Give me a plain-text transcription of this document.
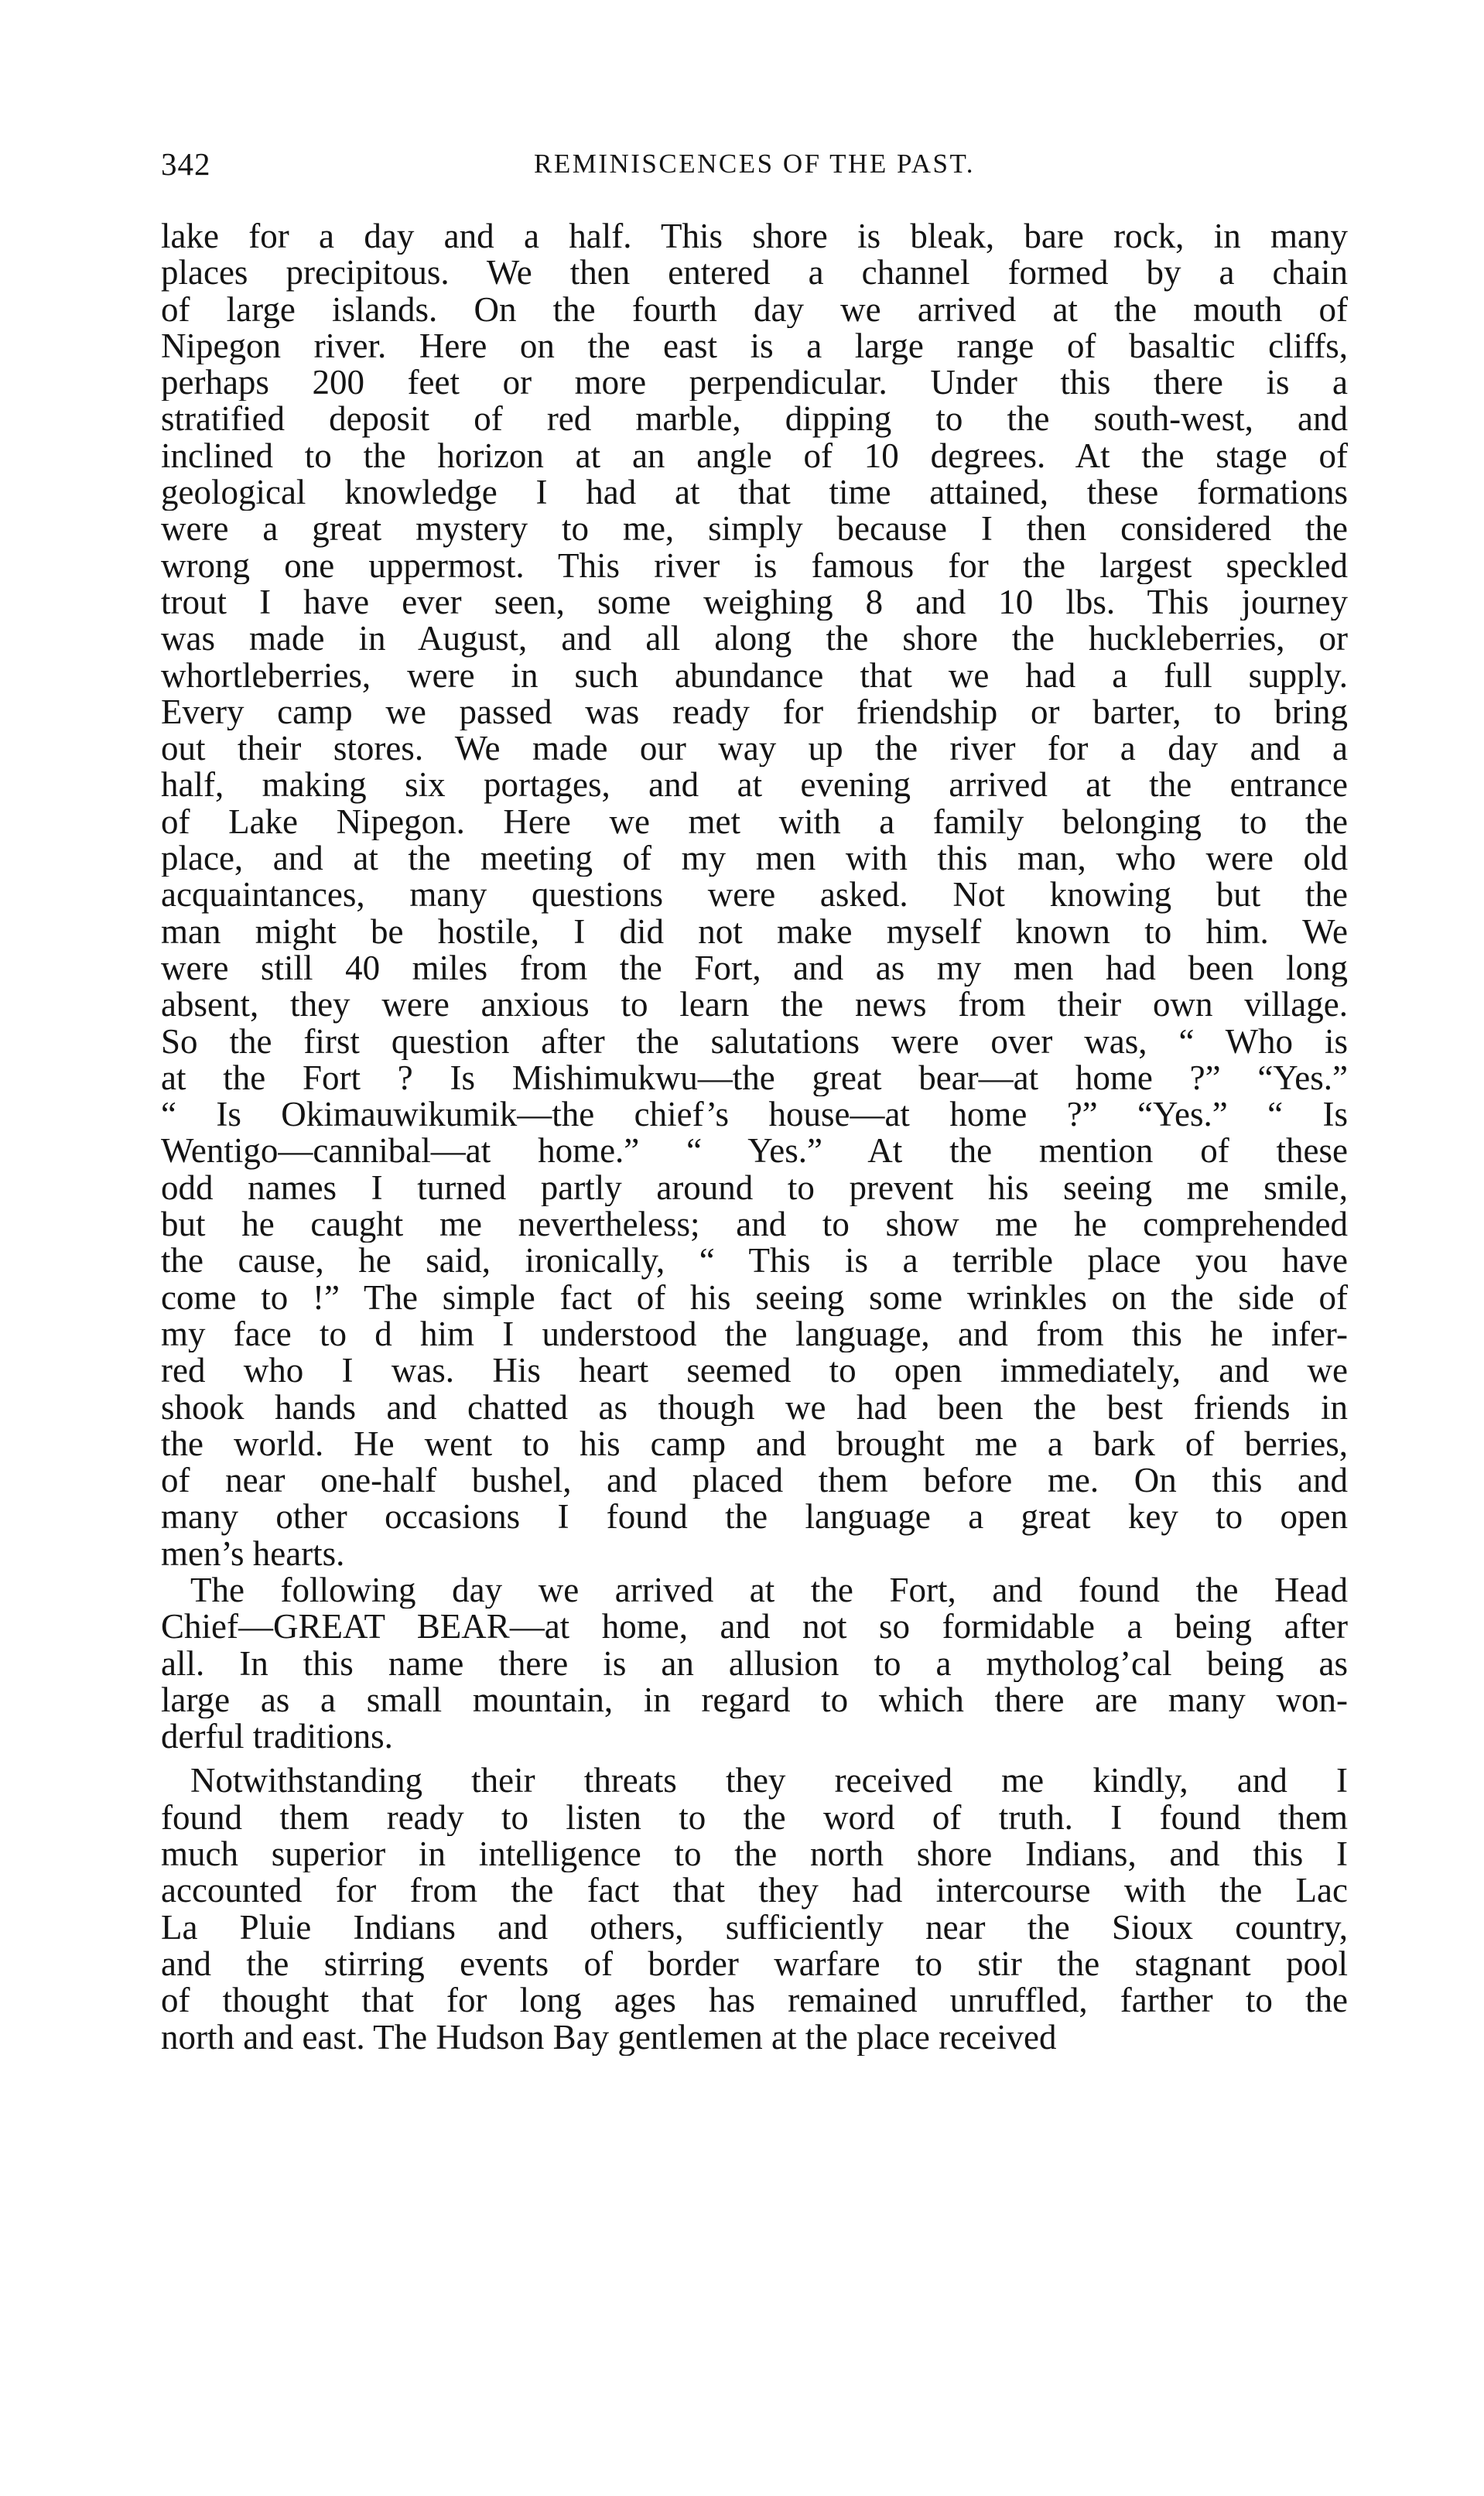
342	REMINISCENCES OF THE PAST.
lake for a day and a half. This shore is bleak, bare rock, in many
places precipitous. We then entered a channel formed by a chain
of large islands. On the fourth day we arrived at the mouth of
Nipegon river. Here on the east is a large range of basaltic cliffs,
perhaps 200 feet or more perpendicular. Under this there is a
stratified deposit of red marble, dipping to the south-west, and
inclined to the horizon at an angle of 10 degrees. At the stage of
geological knowledge I had at that time attained, these formations
were a great mystery to me, simply because I then considered the
wrong one uppermost. This river is famous for the largest speckled
trout I have ever seen, some weighing 8 and 10 lbs. This journey
was made in August, and all along the shore the huckleberries, or
whortleberries, were in such abundance that we had a full supply.
Every camp we passed was ready for friendship or barter, to bring
out their stores. We made our way up the river for a day and a
half, making six portages, and at evening arrived at the entrance
of Lake Nipegon. Here we met with a family belonging to the
place, and at the meeting of my men with this man, who were old
acquaintances, many questions were asked. Not knowing but the
man might be hostile, I did not make myself known to him. We
were still 40 miles from the Fort, and as my men had been long
absent, they were anxious to learn the news from their own village.
So the first question after the salutations were over was, “ Who is
at the Fort ? Is Mishimukwu—the great bear—at home ?” “Yes.”
“ Is Okimauwikumik—the chief’s house—at home ?” “Yes.” “ Is
Wentigo—cannibal—at home.” “ Yes.” At the mention of these
odd names I turned partly around to prevent his seeing me smile,
but he caught me nevertheless; and to show me he comprehended
the cause, he said, ironically, “ This is a terrible place you have
come to !” The simple fact of his seeing some wrinkles on the side of
my face to d him I understood the language, and from this he infer-
red who I was. His heart seemed to open immediately, and we
shook hands and chatted as though we had been the best friends in
the world. He went to his camp and brought me a bark of berries,
of near one-half bushel, and placed them before me. On this and
many other occasions I found the language a great key to open
men’s hearts.
The following day we arrived at the Fort, and found the Head
Chief—GREAT BEAR—at home, and not so formidable a being after
all. In this name there is an allusion to a mytholog’cal being as
large as a small mountain, in regard to which there are many won-
derful traditions.
Notwithstanding their threats they received me kindly, and I
found them ready to listen to the word of truth. I found them
much superior in intelligence to the north shore Indians, and this I
accounted for from the fact that they had intercourse with the Lac
La Pluie Indians and others, sufficiently near the Sioux country,
and the stirring events of border warfare to stir the stagnant pool
of thought that for long ages has remained unruffled, farther to the
north and east. The Hudson Bay gentlemen at the place received
